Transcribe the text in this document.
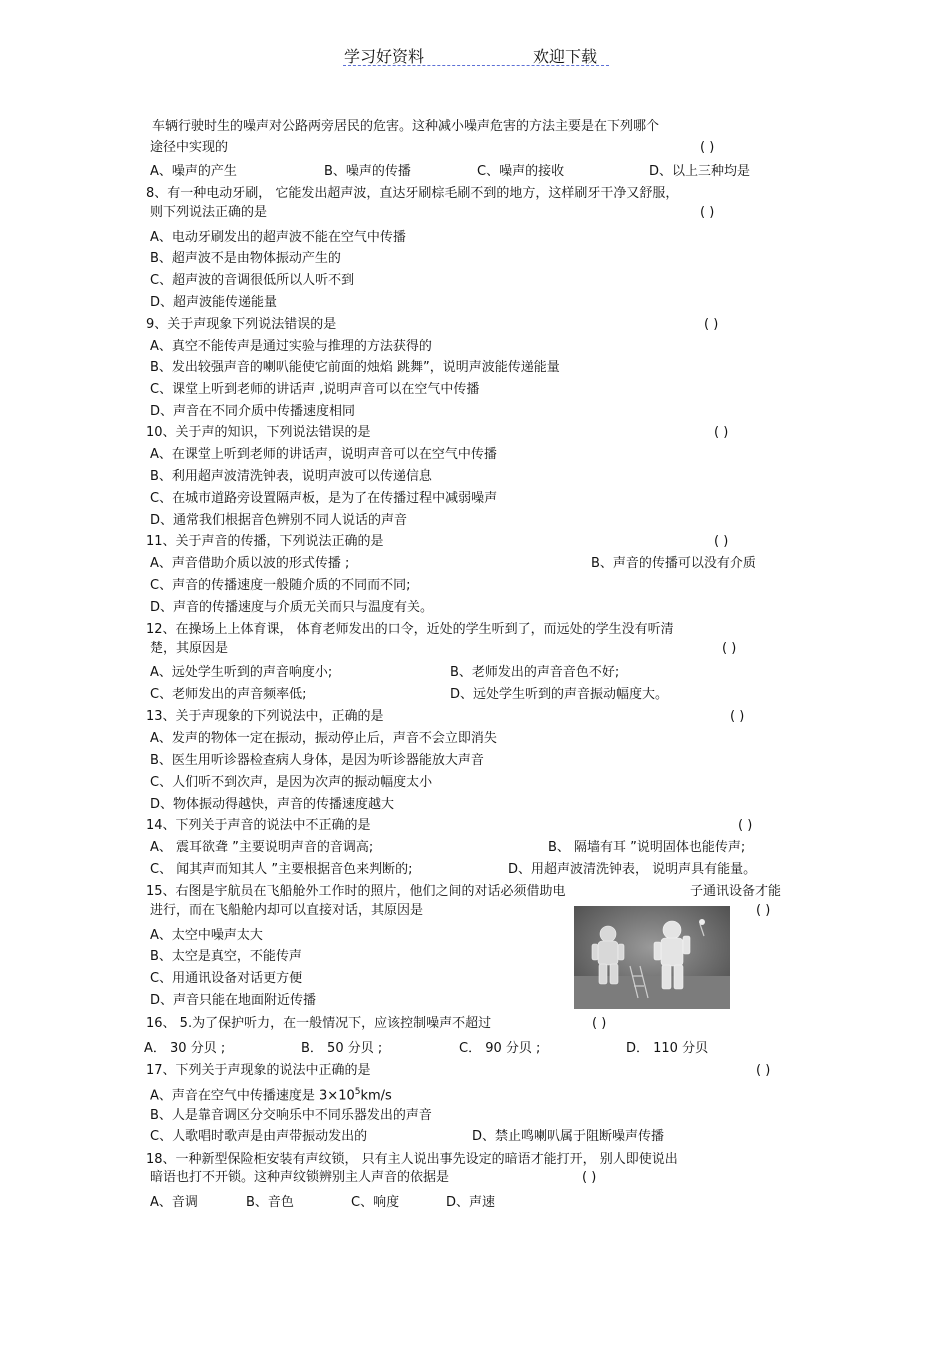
学习好资料	欢迎下载
车辆行驶时生的噪声对公路两旁居民的危害。这种减小噪声危害的方法主要是在下列哪个
途径中实现的	( )
A、噪声的产生	B、噪声的传播	C、噪声的接收	D、以上三种均是
8、有一种电动牙刷， 它能发出超声波，直达牙刷棕毛刷不到的地方，这样刷牙干净又舒服，
则下列说法正确的是	( )
A、电动牙刷发出的超声波不能在空气中传播
B、超声波不是由物体振动产生的
C、超声波的音调很低所以人听不到
D、超声波能传递能量
9、关于声现象下列说法错误的是	( )
A、真空不能传声是通过实验与推理的方法获得的
B、发出较强声音的喇叭能使它前面的烛焰 跳舞”，说明声波能传递能量
C、课堂上听到老师的讲话声 ,说明声音可以在空气中传播
D、声音在不同介质中传播速度相同
10、关于声的知识，下列说法错误的是	( )
A、在课堂上听到老师的讲话声，说明声音可以在空气中传播
B、利用超声波清洗钟表，说明声波可以传递信息
C、在城市道路旁设置隔声板，是为了在传播过程中减弱噪声
D、通常我们根据音色辨别不同人说话的声音
11、关于声音的传播，下列说法正确的是	( )
A、声音借助介质以波的形式传播 ;	B、声音的传播可以没有介质
C、声音的传播速度一般随介质的不同而不同;
D、声音的传播速度与介质无关而只与温度有关。
12、在操场上上体育课， 体育老师发出的口令，近处的学生听到了，而远处的学生没有听清
楚，其原因是	( )
A、远处学生听到的声音响度小;	B、老师发出的声音音色不好;
C、老师发出的声音频率低;	D、远处学生听到的声音振动幅度大。
13、关于声现象的下列说法中，正确的是	( )
A、发声的物体一定在振动，振动停止后，声音不会立即消失
B、医生用听诊器检查病人身体，是因为听诊器能放大声音
C、人们听不到次声，是因为次声的振动幅度太小
D、物体振动得越快，声音的传播速度越大
14、下列关于声音的说法中不正确的是	( )
A、 震耳欲聋 ”主要说明声音的音调高;	B、 隔墙有耳 ”说明固体也能传声;
C、 闻其声而知其人 ”主要根据音色来判断的;	D、用超声波清洗钟表， 说明声具有能量。
15、右图是宇航员在飞船舱外工作时的照片，他们之间的对话必须借助电	子通讯设备才能
进行，而在飞船舱内却可以直接对话，其原因是	( )
A、太空中噪声太大
B、太空是真空，不能传声
C、用通讯设备对话更方便
D、声音只能在地面附近传播
16、 5.为了保护听力，在一般情况下，应该控制噪声不超过	( )
A． 30 分贝 ;	B． 50 分贝 ;	C． 90 分贝 ;	D． 110 分贝
17、下列关于声现象的说法中正确的是	( )
B、人是靠音调区分交响乐中不同乐器发出的声音
C、人歌唱时歌声是由声带振动发出的	D、禁止鸣喇叭属于阻断噪声传播
18、一种新型保险柜安装有声纹锁， 只有主人说出事先设定的暗语才能打开， 别人即使说出
暗语也打不开锁。这种声纹锁辨别主人声音的依据是	( )
A、音调	B、音色	C、响度	D、声速
A、声音在空气中传播速度是 $3\times 10^5km/s$
